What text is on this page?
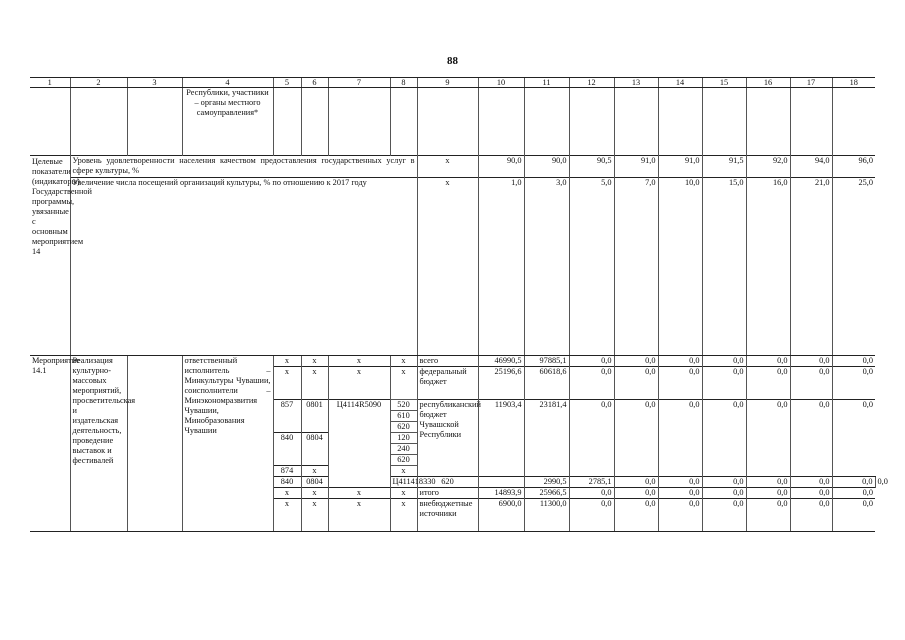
88
1	2	3	4	5	6	7	8	9	10	11	12	13	14	15	16	17	18	
			Республики, участники – органы местного самоуправления*															
Целевые показатели (индикаторы) Государственной программы, увязанные с основным мероприятием 14	Уровень удовлетворенности населения качеством предоставления государственных услуг в сфере культуры, %							x	90,0	90,0	90,5	91,0	91,0	91,5	92,0	94,0	96,0	
	Увеличение числа посещений организаций культуры, % по отношению к 2017 году							x	1,0	3,0	5,0	7,0	10,0	15,0	16,0	21,0	25,0	
Мероприятие 14.1	Реализация культурно-массовых мероприятий, просветительская и издательская деятельность, проведение выставок и фестивалей		ответственный исполнитель – Минкультуры Чувашии, соисполнители – Минэкономразвития Чувашии, Минобразования Чувашии	x	x	x	x	всего	46990,5	97885,1	0,0	0,0	0,0	0,0	0,0	0,0	0,0	
				x	x	x	x	федеральный бюджет	25196,6	60618,6	0,0	0,0	0,0	0,0	0,0	0,0	0,0	
				857	0801	Ц4114R5090	520	республиканский бюджет Чувашской Республики	11903,4	23181,4	0,0	0,0	0,0	0,0	0,0	0,0	0,0	
							610											
							620											
				840	0804		120											
							240											
							620											
				874	x		x											
				840	0804		Ц411418330	620		2990,5	2785,1	0,0	0,0	0,0	0,0	0,0	0,0	0,0
				x	x	x	x	итого	14893,9	25966,5	0,0	0,0	0,0	0,0	0,0	0,0	0,0	
				x	x	x	x	внебюджетные источники	6900,0	11300,0	0,0	0,0	0,0	0,0	0,0	0,0	0,0	
